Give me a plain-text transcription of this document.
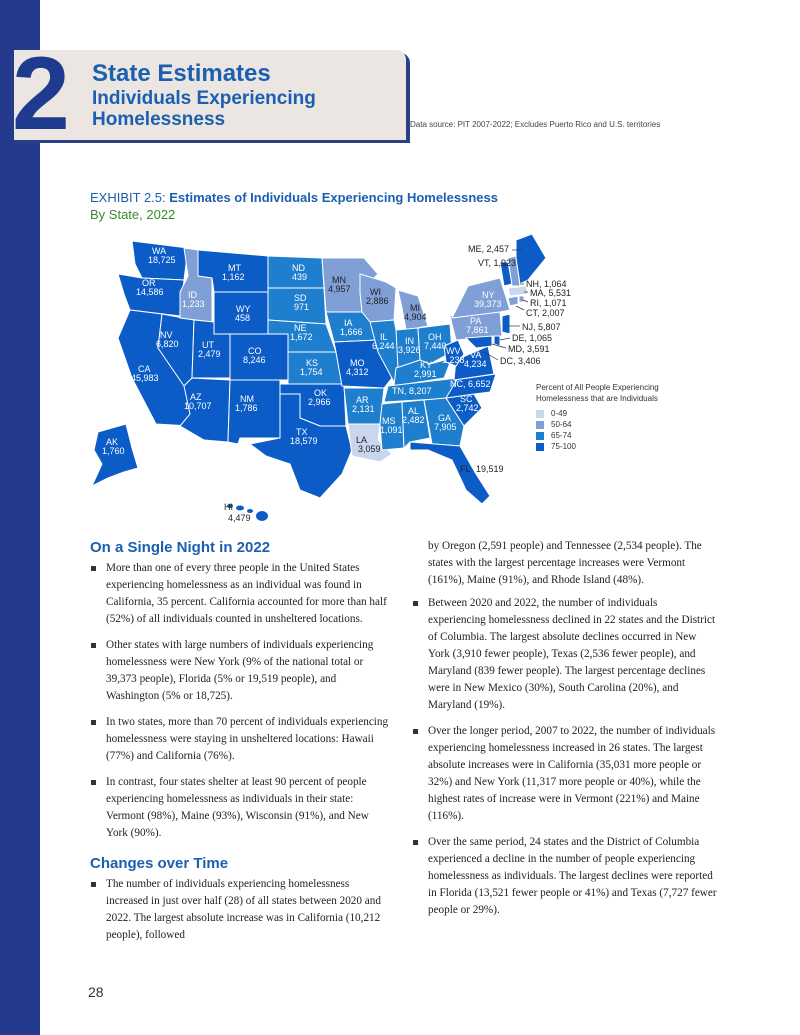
2 State Estimates
Individuals Experiencing
Homelessness	Data source: PIT 2007-2022; Excludes Puerto Rico and U.S. territories
EXHIBIT 2.5: Estimates of Individuals Experiencing Homelessness
By State, 2022
WA
18,725
OR
14,586
CA
145,983
NV
6,820
ID
1,233
MT
1,162
WY
458
UT
2,479	CO
8,246
AZ
10,707
NM
1,786
ND
439
SD
971
NE
1,672
KS
1,754
OK
2,966
TX
18,579
MN
4,957
IA
1,666
MO
4,312
AR
2,131
LA
3,059
WI
2,886
IL
6,244
MI
4,904
IN
3,926
OH
7,440
KY
2,991
TN, 8,207
MS
1,091
AL
2,482 GA
7,905
SC
2,742
NC, 6,652
VA
4,234
WV
1,238
PA
7,861
NY
39,373
AK
1,760
HI
4,479
FL 19,519
ME, 2,457
VT, 1,923
NH, 1,064
MA, 5,531
RI, 1,071
CT, 2,007
NJ, 5,807
DE, 1,065
MD, 3,591
DC, 3,406
Percent of All People Experiencing
Homelessness that are Individuals
0-49
50-64
65-74
75-100
On a Single Night in 2022
More than one of every three people in the United States experiencing homelessness as an individual was found in California, 35 percent. California accounted for more than half (52%) of all individuals counted in unsheltered locations.
Other states with large numbers of individuals experiencing homelessness were New York (9% of the national total or 39,373 people), Florida (5% or 19,519 people), and Washington (5% or 18,725).
In two states, more than 70 percent of individuals experiencing homelessness were staying in unsheltered locations: Hawaii (77%) and California (76%).
In contrast, four states shelter at least 90 percent of people experiencing homelessness as individuals in their state: Vermont (98%), Maine (93%), Wisconsin (91%), and New York (90%).
Changes over Time
The number of individuals experiencing homelessness increased in just over half (28) of all states between 2020 and 2022. The largest absolute increase was in California (10,212 people), followed
by Oregon (2,591 people) and Tennessee (2,534 people). The states with the largest percentage increases were Vermont (161%), Maine (91%), and Rhode Island (48%).
Between 2020 and 2022, the number of individuals experiencing homelessness declined in 22 states and the District of Columbia. The largest absolute declines occurred in New York (3,910 fewer people), Texas (2,536 fewer people), and Maryland (839 fewer people). The largest percentage declines were in New Mexico (30%), South Carolina (20%), and Maryland (19%).
Over the longer period, 2007 to 2022, the number of individuals experiencing homelessness increased in 26 states. The largest absolute increases were in California (35,031 more people or 32%) and New York (11,317 more people or 40%), while the highest rates of increase were in Vermont (221%) and Maine (116%).
Over the same period, 24 states and the District of Columbia experienced a decline in the number of people experiencing homelessness as individuals. The largest declines were reported in Florida (13,521 fewer people or 41%) and Texas (7,727 fewer people or 29%).
28
